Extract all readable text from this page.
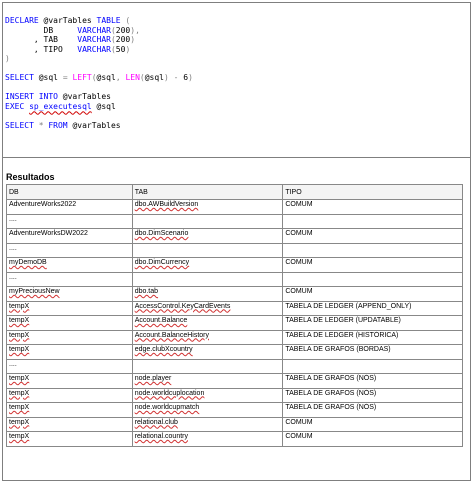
DECLARE @varTables TABLE (
DB     VARCHAR(200),
, TAB    VARCHAR(200)
, TIPO   VARCHAR(50)
)
SELECT @sql = LEFT(@sql, LEN(@sql) - 6)
INSERT INTO @varTables
EXEC sp_executesql @sql
SELECT * FROM @varTables
Resultados
DB	TAB	TIPO
AdventureWorks2022	dbo.AWBuildVersion	COMUM
....		
AdventureWorksDW2022	dbo.DimScenario	COMUM
....		
myDemoDB	dbo.DimCurrency	COMUM
....		
myPreciousNew	dbo.tab	COMUM
tempX	AccessControl.KeyCardEvents	TABELA DE LEDGER (APPEND_ONLY)
tempX	Account.Balance	TABELA DE LEDGER (UPDATABLE)
tempX	Account.BalanceHistory	TABELA DE LEDGER (HISTÓRICA)
tempX	edge.clubXcountry	TABELA DE GRAFOS (BORDAS)
....		
tempX	node.player	TABELA DE GRAFOS (NÓS)
tempX	node.worldcuplocation	TABELA DE GRAFOS (NÓS)
tempX	node.worldcupmatch	TABELA DE GRAFOS (NÓS)
tempX	relational.club	COMUM
tempX	relational.country	COMUM
